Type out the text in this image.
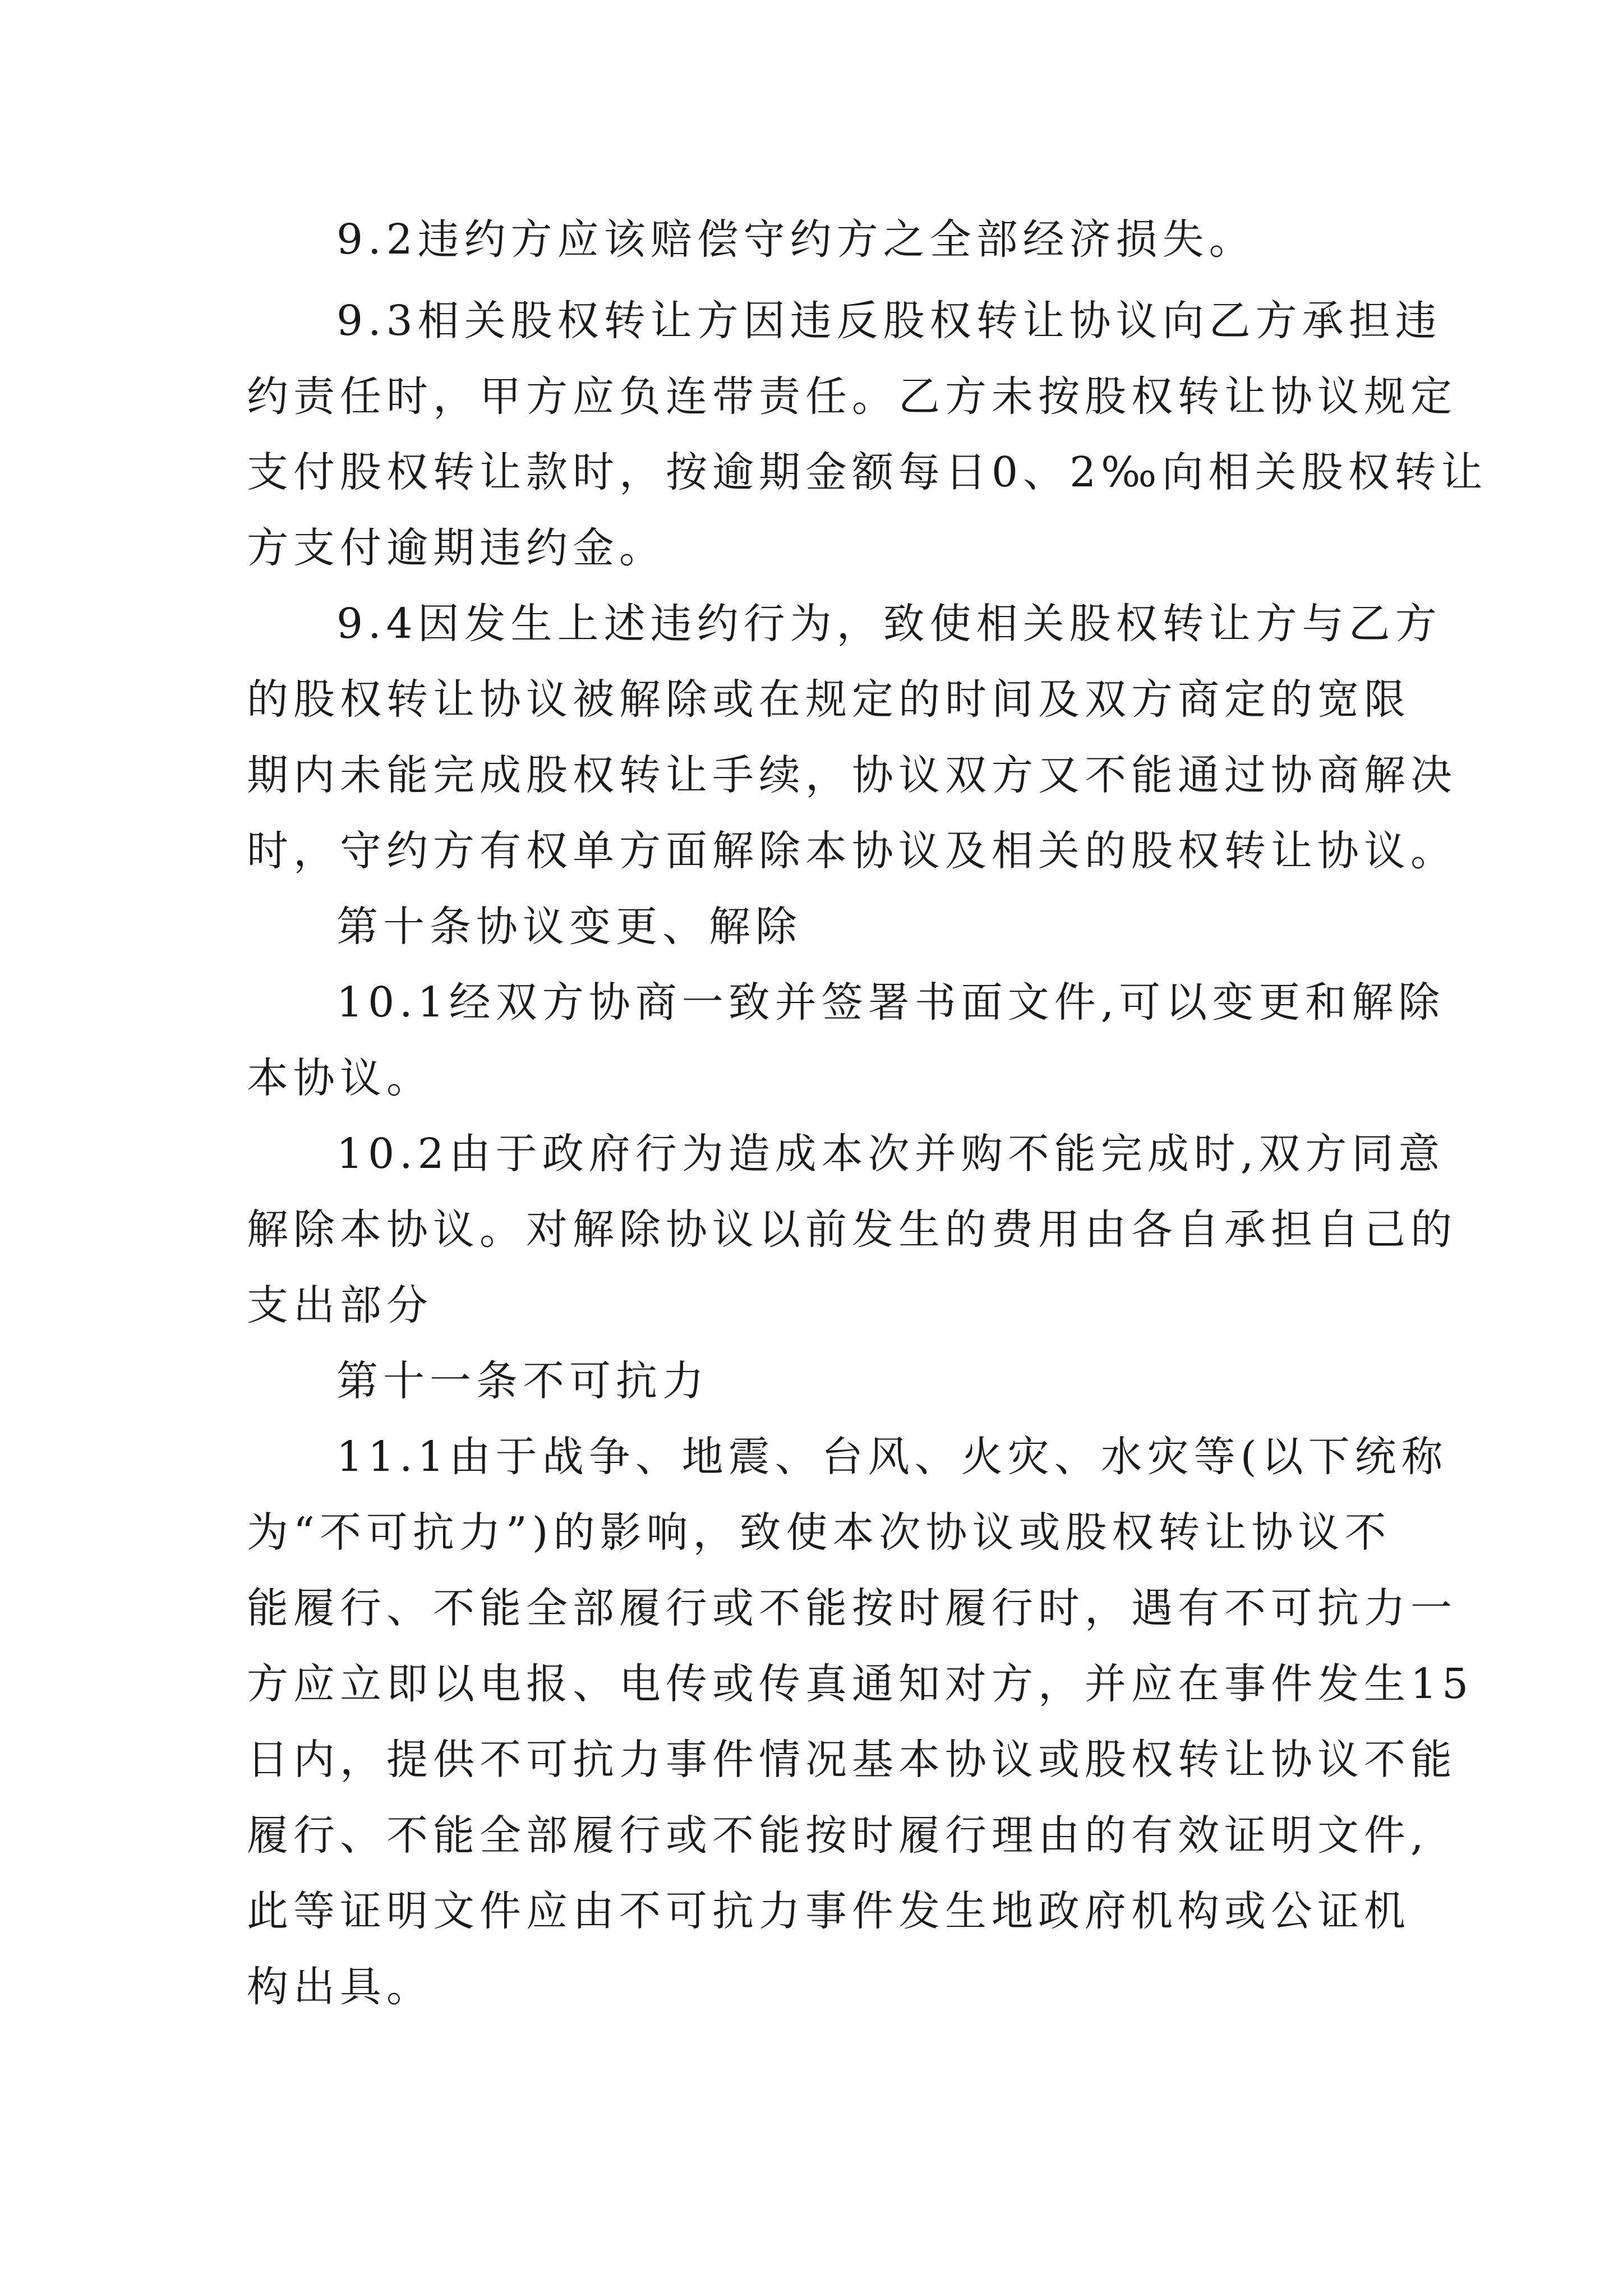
9.2违约方应该赔偿守约方之全部经济损失。
9.3相关股权转让方因违反股权转让协议向乙方承担违
约责任时，甲方应负连带责任。乙方未按股权转让协议规定
支付股权转让款时，按逾期金额每日0、2‰向相关股权转让
方支付逾期违约金。
9.4因发生上述违约行为，致使相关股权转让方与乙方
的股权转让协议被解除或在规定的时间及双方商定的宽限
期内未能完成股权转让手续，协议双方又不能通过协商解决
时，守约方有权单方面解除本协议及相关的股权转让协议。
第十条协议变更、解除
10.1经双方协商一致并签署书面文件,可以变更和解除
本协议。
10.2由于政府行为造成本次并购不能完成时,双方同意
解除本协议。对解除协议以前发生的费用由各自承担自己的
支出部分
第十一条不可抗力
11.1由于战争、地震、台风、火灾、水灾等(以下统称
为“不可抗力”)的影响，致使本次协议或股权转让协议不
能履行、不能全部履行或不能按时履行时，遇有不可抗力一
方应立即以电报、电传或传真通知对方，并应在事件发生15
日内，提供不可抗力事件情况基本协议或股权转让协议不能
履行、不能全部履行或不能按时履行理由的有效证明文件,
此等证明文件应由不可抗力事件发生地政府机构或公证机
构出具。
